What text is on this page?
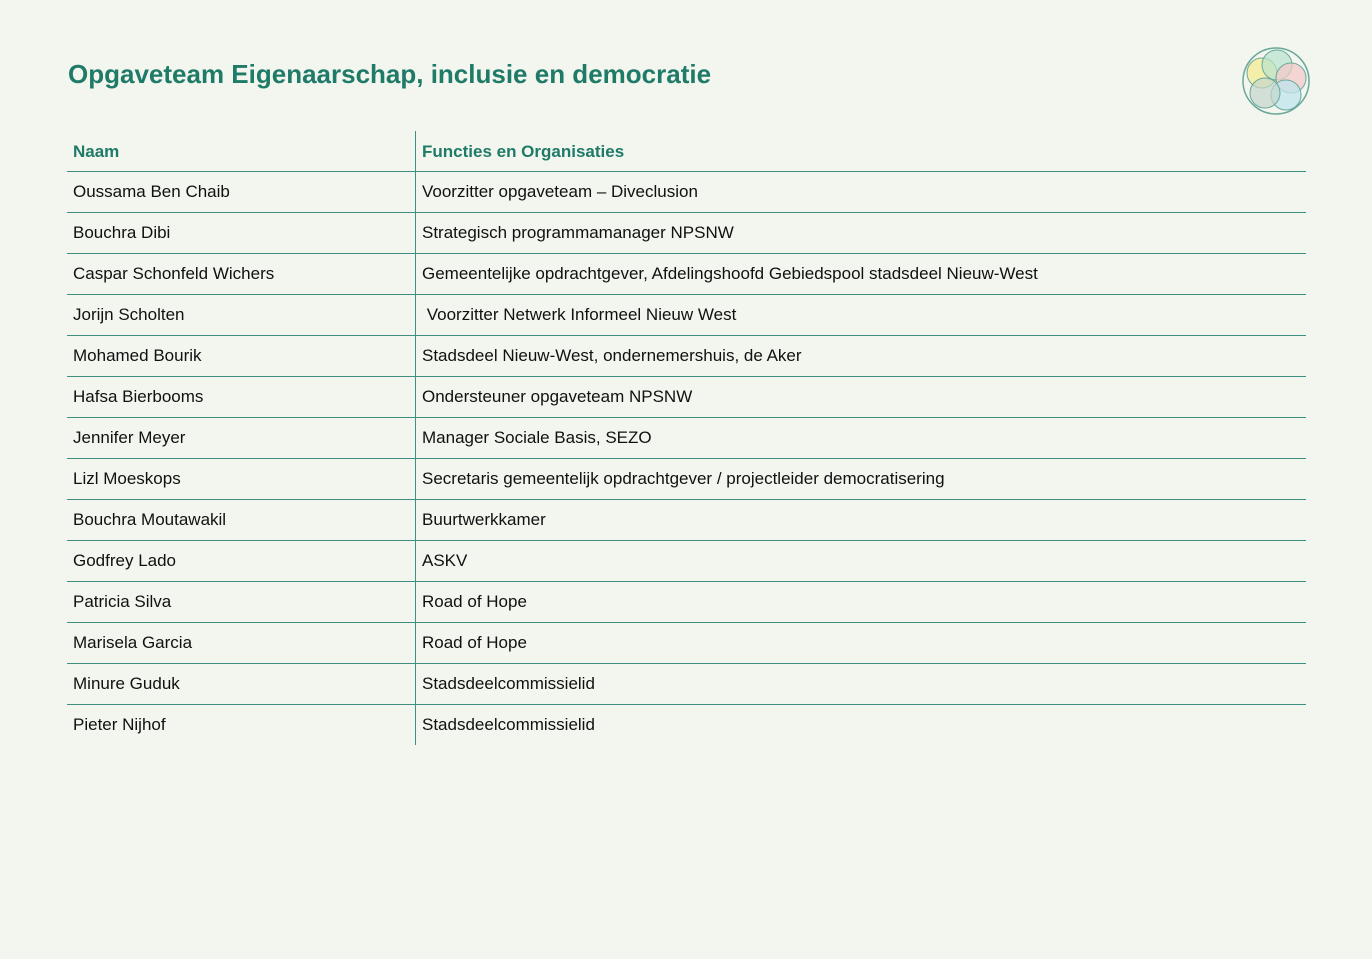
Opgaveteam Eigenaarschap, inclusie en democratie
Naam	Functies en Organisaties
Oussama Ben Chaib	Voorzitter opgaveteam – Diveclusion
Bouchra Dibi	Strategisch programmamanager NPSNW
Caspar Schonfeld Wichers	Gemeentelijke opdrachtgever, Afdelingshoofd Gebiedspool stadsdeel Nieuw-West
Jorijn Scholten	Voorzitter Netwerk Informeel Nieuw West
Mohamed Bourik	Stadsdeel Nieuw-West, ondernemershuis, de Aker
Hafsa Bierbooms	Ondersteuner opgaveteam NPSNW
Jennifer Meyer	Manager Sociale Basis, SEZO
Lizl Moeskops	Secretaris gemeentelijk opdrachtgever / projectleider democratisering
Bouchra Moutawakil	Buurtwerkkamer
Godfrey Lado	ASKV
Patricia Silva	Road of Hope
Marisela Garcia	Road of Hope
Minure Guduk	Stadsdeelcommissielid
Pieter Nijhof	Stadsdeelcommissielid
